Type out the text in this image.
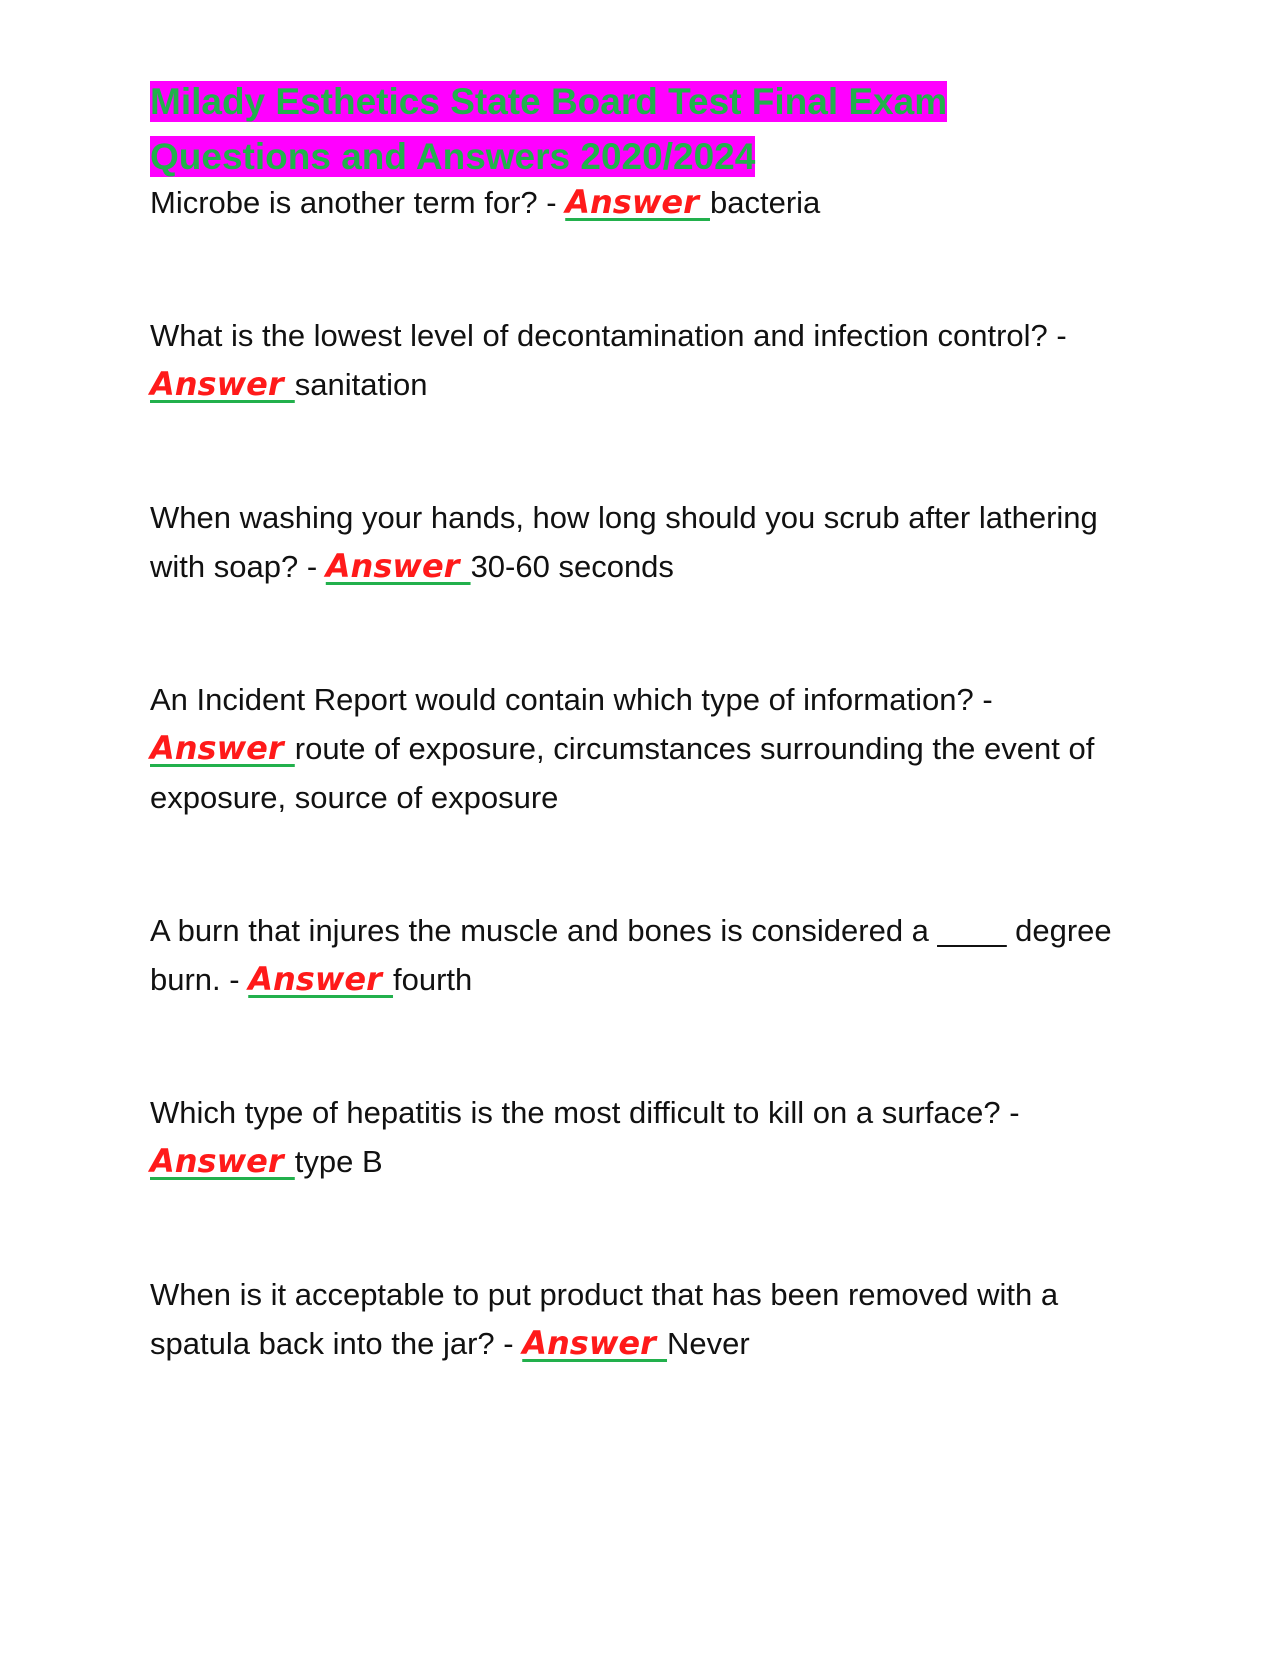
Milady Esthetics State Board Test Final Exam Questions and Answers 2020/2024

Microbe is another term for? - Answer bacteria

What is the lowest level of decontamination and infection control? - Answer sanitation

When washing your hands, how long should you scrub after lathering with soap? - Answer 30-60 seconds

An Incident Report would contain which type of information? - Answer route of exposure, circumstances surrounding the event of exposure, source of exposure

A burn that injures the muscle and bones is considered a ____ degree burn. - Answer fourth

Which type of hepatitis is the most difficult to kill on a surface? - Answer type B

When is it acceptable to put product that has been removed with a spatula back into the jar? - Answer Never
